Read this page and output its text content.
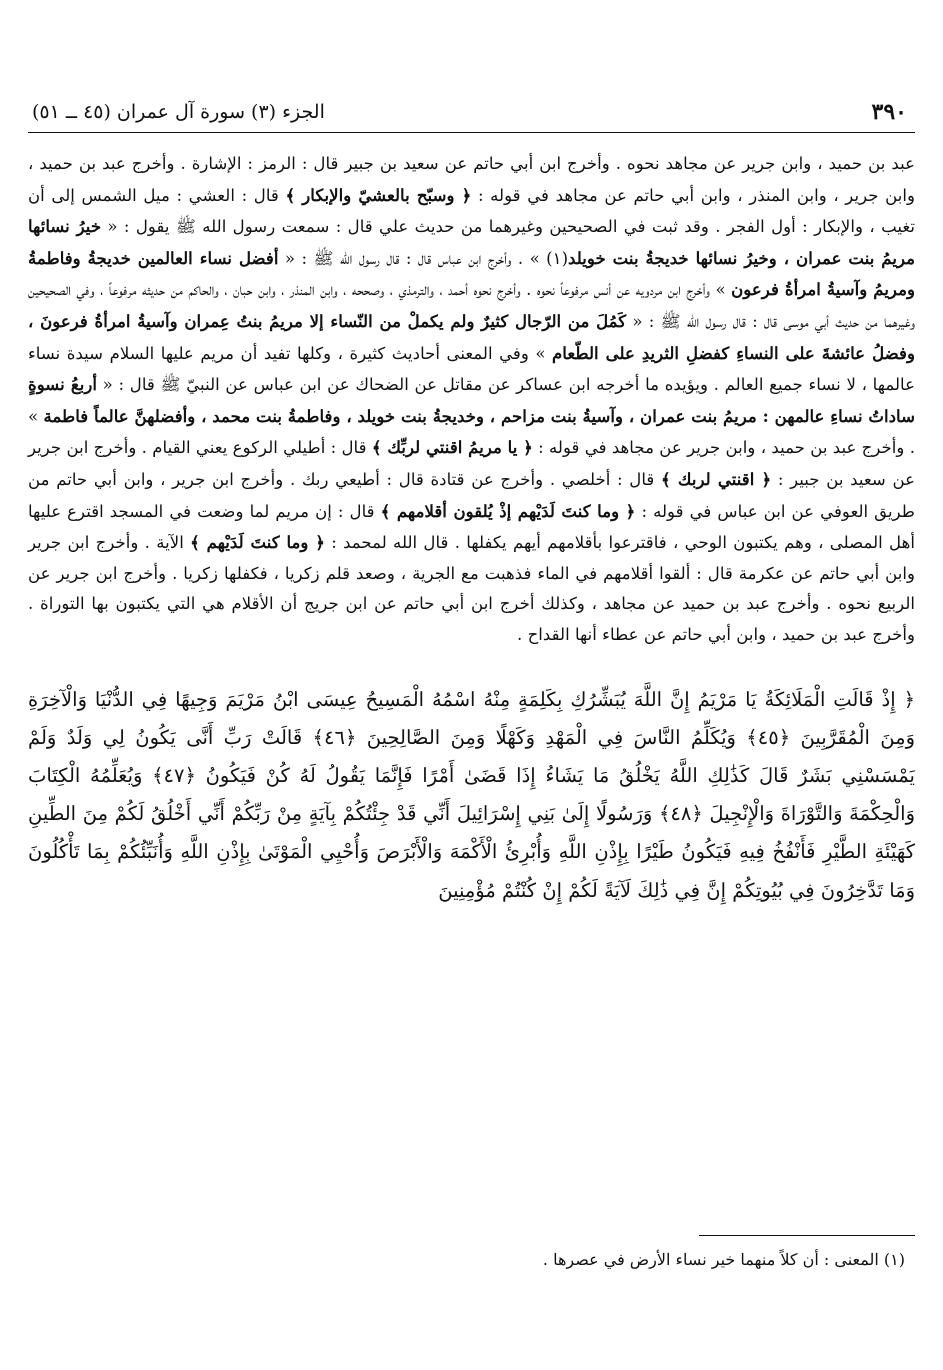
٣٩٠
الجزء (٣) سورة آل عمران (٤٥ ــ ٥١)

عبد بن حميد ، وابن جرير عن مجاهد نحوه . وأخرج ابن أبي حاتم عن سعيد بن جبير قال : الرمز : الإشارة . وأخرج عبد بن حميد ، وابن جرير ، وابن المنذر ، وابن أبي حاتم عن مجاهد في قوله : ﴿ وسبّح بالعشيّ والإبكار ﴾ قال : العشي : ميل الشمس إلى أن تغيب ، والإبكار : أول الفجر . وقد ثبت في الصحيحين وغيرهما من حديث علي قال : سمعت رسول الله ﷺ يقول : « خيرُ نسائها مريمُ بنت عمران ، وخيرُ نسائها خديجةُ بنت خويلد(١) » . وأخرج ابن عباس قال : قال رسول الله ﷺ : « أفضل نساء العالمين خديجةُ وفاطمةُ ومريمُ وآسيةُ امرأةُ فرعون » وأخرج ابن مردويه عن أنس مرفوعاً نحوه . وأخرج نحوه أحمد ، والترمذي ، وصححه ، وابن المنذر ، وابن حبان ، والحاكم من حديثه مرفوعاً ، وفي الصحيحين وغيرهما من حديث أبي موسى قال : قال رسول الله ﷺ : « كَمُلَ من الرّجال كثيرٌ ولم يكملْ من النّساء إلا مريمُ بنتُ عِمران وآسيةُ امرأةُ فرعونَ ، وفضلُ عائشةَ على النساءِ كفضلِ الثريدِ على الطّعام » وفي المعنى أحاديث كثيرة ، وكلها تفيد أن مريم عليها السلام سيدة نساء عالمها ، لا نساء جميع العالم . ويؤيده ما أخرجه ابن عساكر عن مقاتل عن الضحاك عن ابن عباس عن النبيّ ﷺ قال : « أربعُ نسوةٍ ساداتُ نساءِ عالمهن : مريمُ بنت عمران ، وآسيةُ بنت مزاحم ، وخديجةُ بنت خويلد ، وفاطمةُ بنت محمد ، وأفضلهنَّ عالماً فاطمة » . وأخرج عبد بن حميد ، وابن جرير عن مجاهد في قوله : ﴿ يا مريمُ اقنتي لربِّك ﴾ قال : أطيلي الركوع يعني القيام . وأخرج ابن جرير عن سعيد بن جبير : ﴿ اقنتي لربك ﴾ قال : أخلصي . وأخرج عن قتادة قال : أطيعي ربك . وأخرج ابن جرير ، وابن أبي حاتم من طريق العوفي عن ابن عباس في قوله : ﴿ وما كنتَ لَدَيْهم إذْ يُلقون أقلامهم ﴾ قال : إن مريم لما وضعت في المسجد اقترع عليها أهل المصلى ، وهم يكتبون الوحي ، فاقترعوا بأقلامهم أيهم يكفلها . قال الله لمحمد : ﴿ وما كنتَ لَدَيْهم ﴾ الآية . وأخرج ابن جرير وابن أبي حاتم عن عكرمة قال : ألقوا أقلامهم في الماء فذهبت مع الجرية ، وصعد قلم زكريا ، فكفلها زكريا . وأخرج ابن جرير عن الربيع نحوه . وأخرج عبد بن حميد عن مجاهد ، وكذلك أخرج ابن أبي حاتم عن ابن جريج أن الأقلام هي التي يكتبون بها التوراة . وأخرج عبد بن حميد ، وابن أبي حاتم عن عطاء أنها القداح .

﴿ إِذْ قَالَتِ الْمَلَائِكَةُ يَا مَرْيَمُ إِنَّ اللَّهَ يُبَشِّرُكِ بِكَلِمَةٍ مِنْهُ اسْمُهُ الْمَسِيحُ عِيسَى ابْنُ مَرْيَمَ وَجِيهًا فِي الدُّنْيَا وَالْآخِرَةِ وَمِنَ الْمُقَرَّبِينَ ﴿٤٥﴾ وَيُكَلِّمُ النَّاسَ فِي الْمَهْدِ وَكَهْلًا وَمِنَ الصَّالِحِينَ ﴿٤٦﴾ قَالَتْ رَبِّ أَنَّى يَكُونُ لِي وَلَدٌ وَلَمْ يَمْسَسْنِي بَشَرٌ قَالَ كَذَٰلِكِ اللَّهُ يَخْلُقُ مَا يَشَاءُ إِذَا قَضَىٰ أَمْرًا فَإِنَّمَا يَقُولُ لَهُ كُنْ فَيَكُونُ ﴿٤٧﴾ وَيُعَلِّمُهُ الْكِتَابَ وَالْحِكْمَةَ وَالتَّوْرَاةَ وَالْإِنْجِيلَ ﴿٤٨﴾ وَرَسُولًا إِلَىٰ بَنِي إِسْرَائِيلَ أَنِّي قَدْ جِئْتُكُمْ بِآيَةٍ مِنْ رَبِّكُمْ أَنِّي أَخْلُقُ لَكُمْ مِنَ الطِّينِ كَهَيْئَةِ الطَّيْرِ فَأَنْفُخُ فِيهِ فَيَكُونُ طَيْرًا بِإِذْنِ اللَّهِ وَأُبْرِئُ الْأَكْمَهَ وَالْأَبْرَصَ وَأُحْيِي الْمَوْتَىٰ بِإِذْنِ اللَّهِ وَأُنَبِّئُكُمْ بِمَا تَأْكُلُونَ وَمَا تَدَّخِرُونَ فِي بُيُوتِكُمْ إِنَّ فِي ذَٰلِكَ لَآيَةً لَكُمْ إِنْ كُنْتُمْ مُؤْمِنِينَ

(١) المعنى : أن كلاً منهما خير نساء الأرض في عصرها .
